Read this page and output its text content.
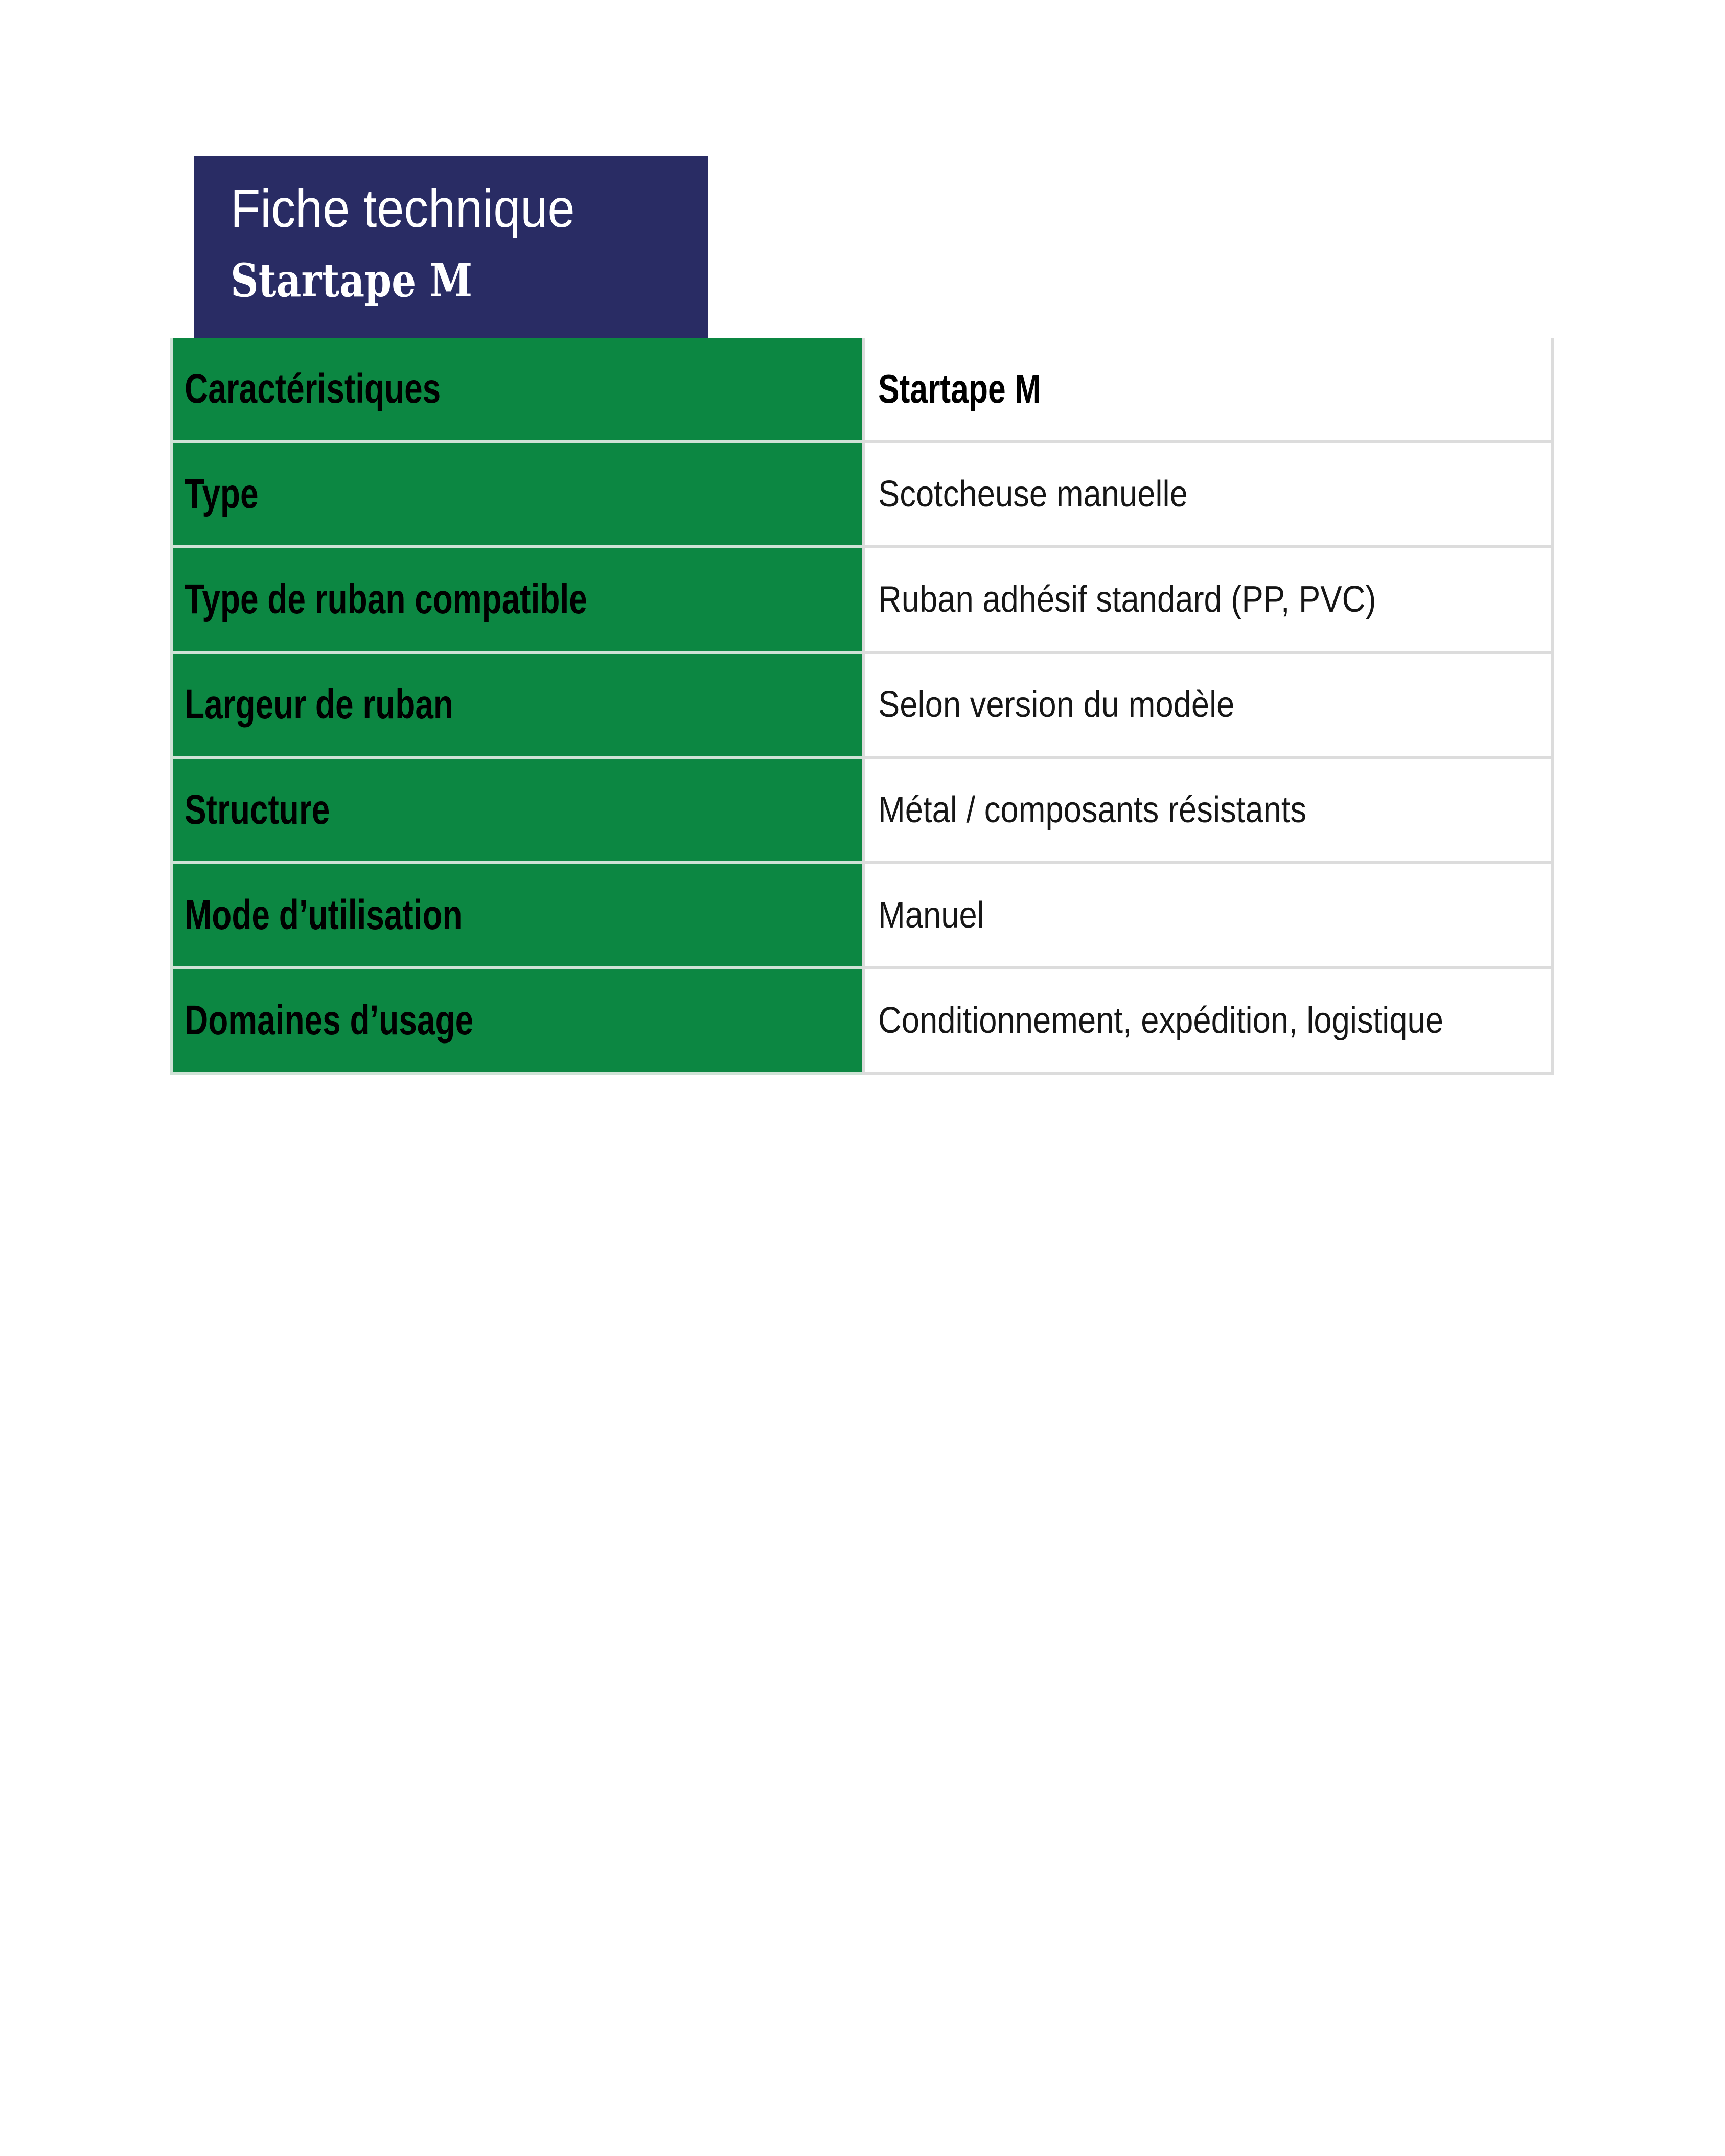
Fiche technique
Startape M
Caractéristiques	Startape M
Type	Scotcheuse manuelle
Type de ruban compatible	Ruban adhésif standard (PP, PVC)
Largeur de ruban	Selon version du modèle
Structure	Métal / composants résistants
Mode d’utilisation	Manuel
Domaines d’usage	Conditionnement, expédition, logistique
